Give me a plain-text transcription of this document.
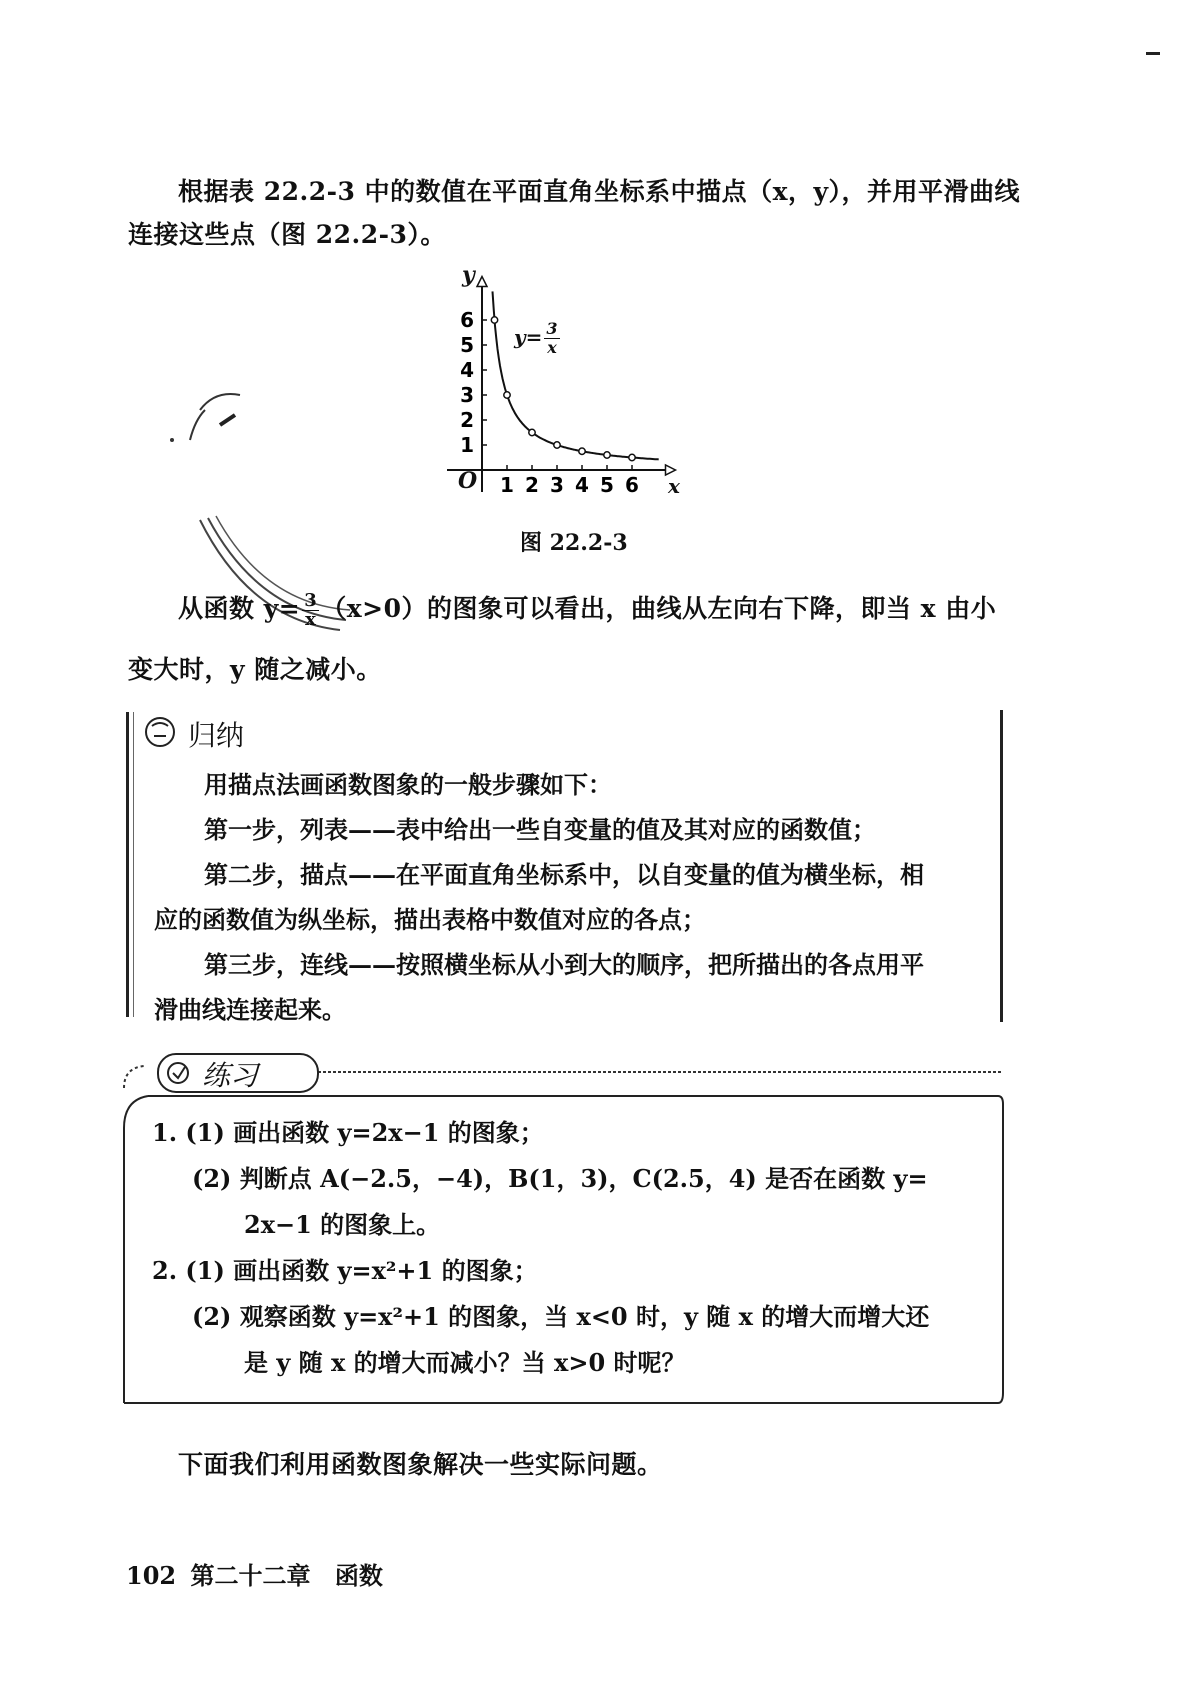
根据表 22.2-3 中的数值在平面直角坐标系中描点（x，y），并用平滑曲线
连接这些点（图 22.2-3）。
1 2 3 4 5 6
1
2
3
4
5
6
y
x
O
$y= \frac{3}{x}$
图 22.2-3
从函数 $y= \frac{3}{x} (x>0)$的图象可以看出，曲线从左向右下降，即当 x 由小
变大时，y 随之减小。
归纳
用描点法画函数图象的一般步骤如下：
第一步，列表——表中给出一些自变量的值及其对应的函数值；
第二步，描点——在平面直角坐标系中，以自变量的值为横坐标，相
应的函数值为纵坐标，描出表格中数值对应的各点；
第三步，连线——按照横坐标从小到大的顺序，把所描出的各点用平
滑曲线连接起来。
练习
1. (1) 画出函数 y=2x−1 的图象；
(2) 判断点 A(−2.5，−4)，B(1，3)，C(2.5，4) 是否在函数 y=
2x−1 的图象上。
2. (1) 画出函数 y=x²+1 的图象；
(2) 观察函数 y=x²+1 的图象，当 x<0 时，y 随 x 的增大而增大还
是 y 随 x 的增大而减小？当 x>0 时呢？
下面我们利用函数图象解决一些实际问题。
102 第二十二章 函数
